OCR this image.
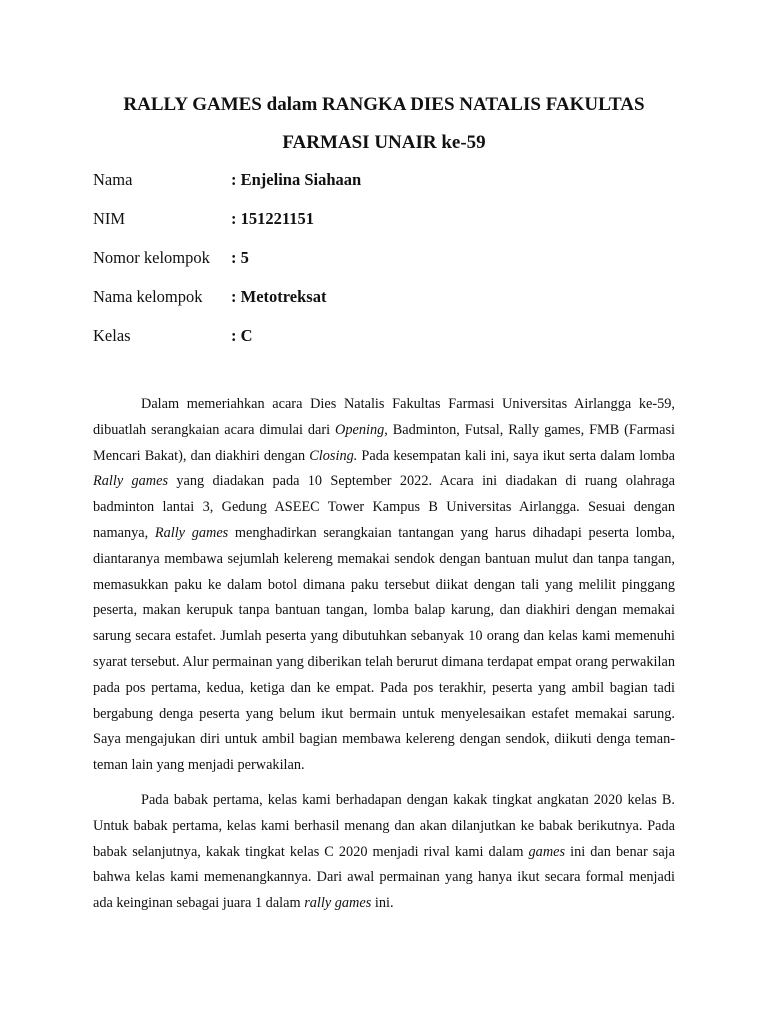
RALLY GAMES dalam RANGKA DIES NATALIS FAKULTAS
FARMASI UNAIR ke-59
Nama	: Enjelina Siahaan
NIM	: 151221151
Nomor kelompok	: 5
Nama kelompok	: Metotreksat
Kelas	: C

Dalam memeriahkan acara Dies Natalis Fakultas Farmasi Universitas Airlangga ke-59, dibuatlah serangkaian acara dimulai dari Opening, Badminton, Futsal, Rally games, FMB (Farmasi Mencari Bakat), dan diakhiri dengan Closing. Pada kesempatan kali ini, saya ikut serta dalam lomba Rally games yang diadakan pada 10 September 2022. Acara ini diadakan di ruang olahraga badminton lantai 3, Gedung ASEEC Tower Kampus B Universitas Airlangga. Sesuai dengan namanya, Rally games menghadirkan serangkaian tantangan yang harus dihadapi peserta lomba, diantaranya membawa sejumlah kelereng memakai sendok dengan bantuan mulut dan tanpa tangan, memasukkan paku ke dalam botol dimana paku tersebut diikat dengan tali yang melilit pinggang peserta, makan kerupuk tanpa bantuan tangan, lomba balap karung, dan diakhiri dengan memakai sarung secara estafet. Jumlah peserta yang dibutuhkan sebanyak 10 orang dan kelas kami memenuhi syarat tersebut. Alur permainan yang diberikan telah berurut dimana terdapat empat orang perwakilan pada pos pertama, kedua, ketiga dan ke empat. Pada pos terakhir, peserta yang ambil bagian tadi bergabung denga peserta yang belum ikut bermain untuk menyelesaikan estafet memakai sarung. Saya mengajukan diri untuk ambil bagian membawa kelereng dengan sendok, diikuti denga teman-teman lain yang menjadi perwakilan.

Pada babak pertama, kelas kami berhadapan dengan kakak tingkat angkatan 2020 kelas B. Untuk babak pertama, kelas kami berhasil menang dan akan dilanjutkan ke babak berikutnya. Pada babak selanjutnya, kakak tingkat kelas C 2020 menjadi rival kami dalam games ini dan benar saja bahwa kelas kami memenangkannya. Dari awal permainan yang hanya ikut secara formal menjadi ada keinginan sebagai juara 1 dalam rally games ini.
